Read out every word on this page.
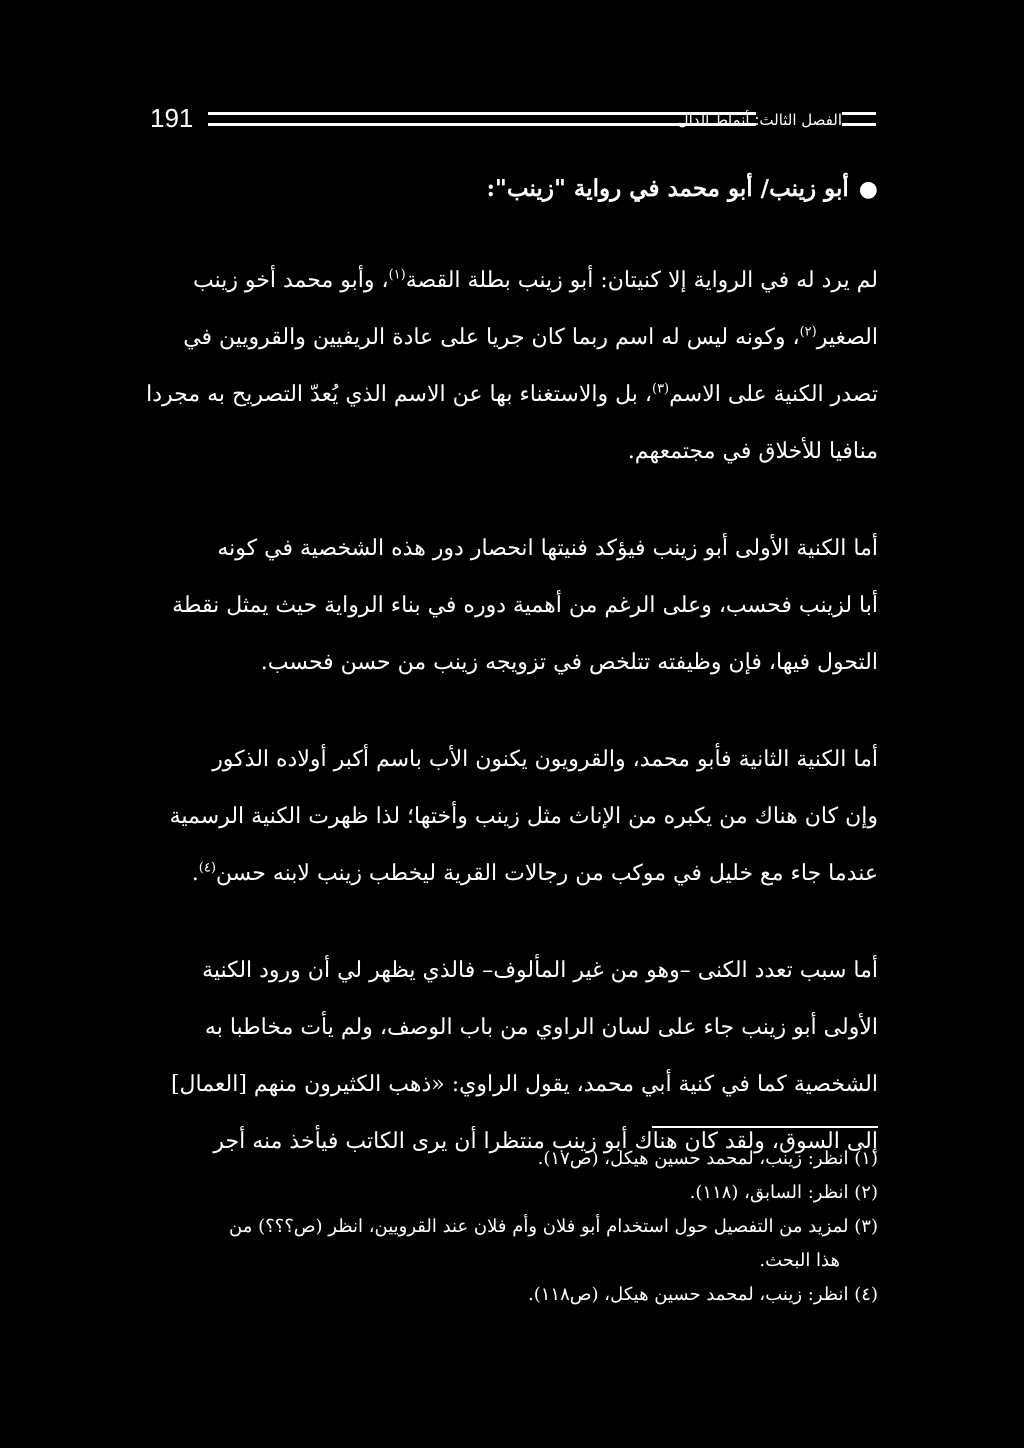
191	الفصل الثالث: أنماط الدال
●أبو زينب/ أبو محمد في رواية "زينب":
لم يرد له في الرواية إلا كنيتان: أبو زينب بطلة القصة$^{(١)}$، وأبو محمد أخو زينب
الصغير$^{(٢)}$، وكونه ليس له اسم ربما كان جريا على عادة الريفيين والقرويين في
تصدر الكنية على الاسم$^{(٣)}$، بل والاستغناء بها عن الاسم الذي يُعدّ التصريح به مجردا
منافيا للأخلاق في مجتمعهم.
أما الكنية الأولى أبو زينب فيؤكد فنيتها انحصار دور هذه الشخصية في كونه
أبا لزينب فحسب، وعلى الرغم من أهمية دوره في بناء الرواية حيث يمثل نقطة
التحول فيها، فإن وظيفته تتلخص في تزويجه زينب من حسن فحسب.
أما الكنية الثانية فأبو محمد، والقرويون يكنون الأب باسم أكبر أولاده الذكور
وإن كان هناك من يكبره من الإناث مثل زينب وأختها؛ لذا ظهرت الكنية الرسمية
عندما جاء مع خليل في موكب من رجالات القرية ليخطب زينب لابنه حسن$^{(٤)}$.
أما سبب تعدد الكنى –وهو من غير المألوف– فالذي يظهر لي أن ورود الكنية
الأولى أبو زينب جاء على لسان الراوي من باب الوصف، ولم يأت مخاطبا به
الشخصية كما في كنية أبي محمد، يقول الراوي: «ذهب الكثيرون منهم [العمال]
إلى السوق، ولقد كان هناك أبو زينب منتظرا أن يرى الكاتب فيأخذ منه أجر
(١) انظر: زينب، لمحمد حسين هيكل، (ص١٧).
(٢) انظر: السابق، (١١٨).
(٣) لمزيد من التفصيل حول استخدام أبو فلان وأم فلان عند القرويين، انظر (ص؟؟؟) من
هذا البحث.
(٤) انظر: زينب، لمحمد حسين هيكل، (ص١١٨).
